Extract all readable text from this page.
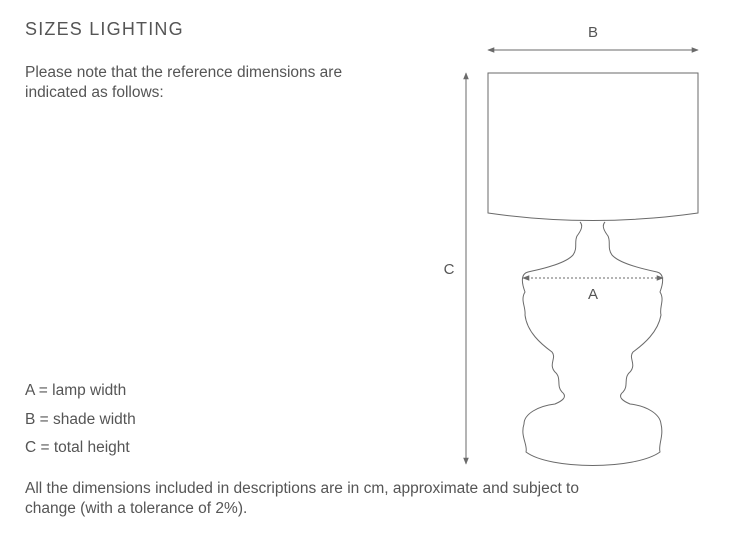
SIZES LIGHTING

Please note that the reference dimensions are indicated as follows:

A = lamp width
B = shade width
C = total height

All the dimensions included in descriptions are in cm, approximate and subject to change (with a tolerance of 2%).

B
C
A
